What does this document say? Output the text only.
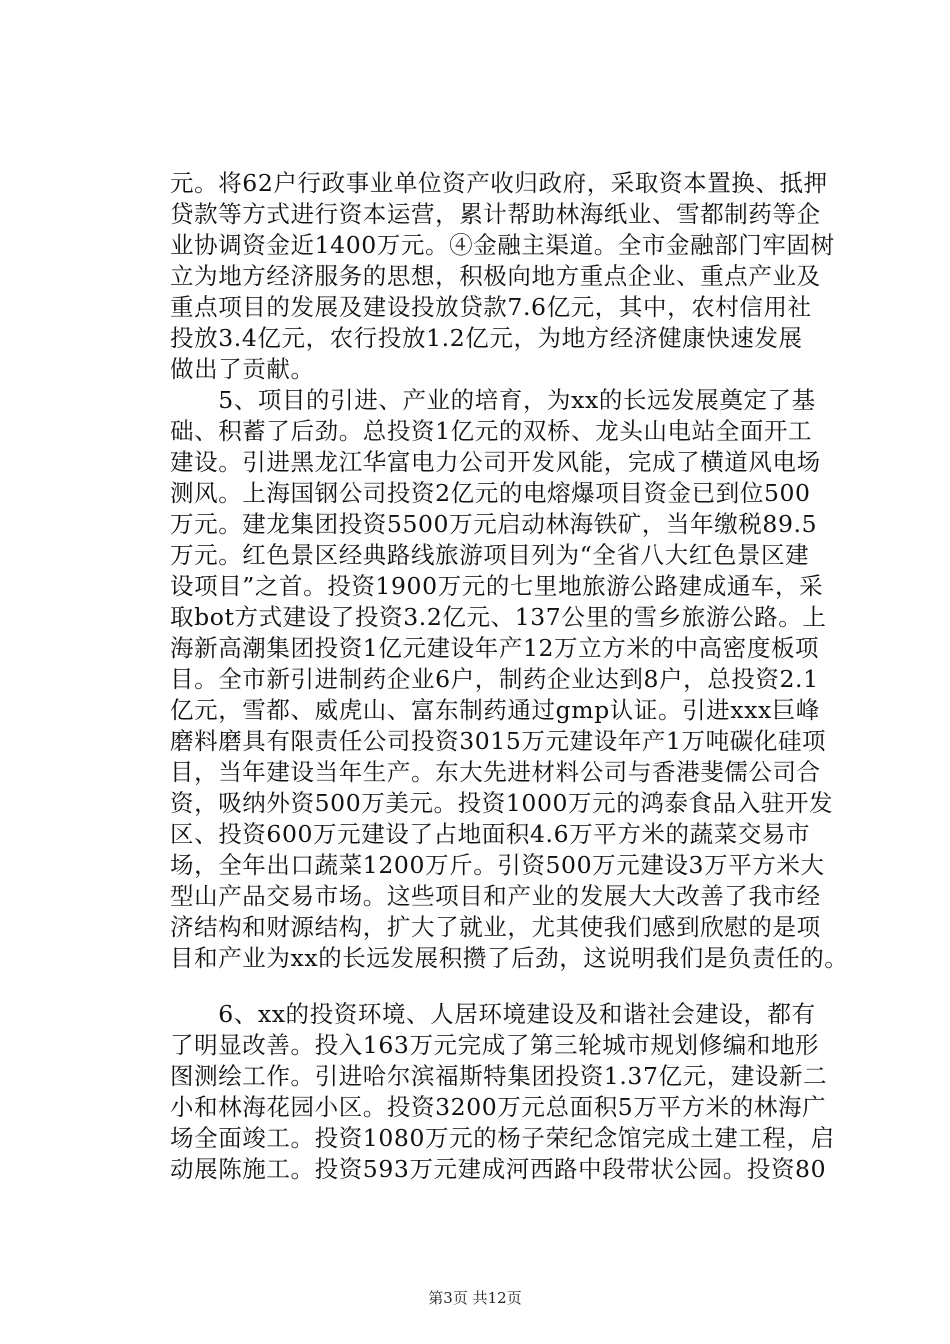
元。将62户行政事业单位资产收归政府，采取资本置换、抵押
贷款等方式进行资本运营，累计帮助林海纸业、雪都制药等企
业协调资金近1400万元。④金融主渠道。全市金融部门牢固树
立为地方经济服务的思想，积极向地方重点企业、重点产业及
重点项目的发展及建设投放贷款7.6亿元，其中，农村信用社
投放3.4亿元，农行投放1.2亿元，为地方经济健康快速发展
做出了贡献。
　　5、项目的引进、产业的培育，为xx的长远发展奠定了基
础、积蓄了后劲。总投资1亿元的双桥、龙头山电站全面开工
建设。引进黑龙江华富电力公司开发风能，完成了横道风电场
测风。上海国钢公司投资2亿元的电熔爆项目资金已到位500
万元。建龙集团投资5500万元启动林海铁矿，当年缴税89.5
万元。红色景区经典路线旅游项目列为“全省八大红色景区建
设项目”之首。投资1900万元的七里地旅游公路建成通车，采
取bot方式建设了投资3.2亿元、137公里的雪乡旅游公路。上
海新高潮集团投资1亿元建设年产12万立方米的中高密度板项
目。全市新引进制药企业6户，制药企业达到8户，总投资2.1
亿元，雪都、威虎山、富东制药通过gmp认证。引进xxx巨峰
磨料磨具有限责任公司投资3015万元建设年产1万吨碳化硅项
目，当年建设当年生产。东大先进材料公司与香港斐儒公司合
资，吸纳外资500万美元。投资1000万元的鸿泰食品入驻开发
区、投资600万元建设了占地面积4.6万平方米的蔬菜交易市
场，全年出口蔬菜1200万斤。引资500万元建设3万平方米大
型山产品交易市场。这些项目和产业的发展大大改善了我市经
济结构和财源结构，扩大了就业，尤其使我们感到欣慰的是项
目和产业为xx的长远发展积攒了后劲，这说明我们是负责任的。
　　6、xx的投资环境、人居环境建设及和谐社会建设，都有
了明显改善。投入163万元完成了第三轮城市规划修编和地形
图测绘工作。引进哈尔滨福斯特集团投资1.37亿元，建设新二
小和林海花园小区。投资3200万元总面积5万平方米的林海广
场全面竣工。投资1080万元的杨子荣纪念馆完成土建工程，启
动展陈施工。投资593万元建成河西路中段带状公园。投资80
第3页 共12页
